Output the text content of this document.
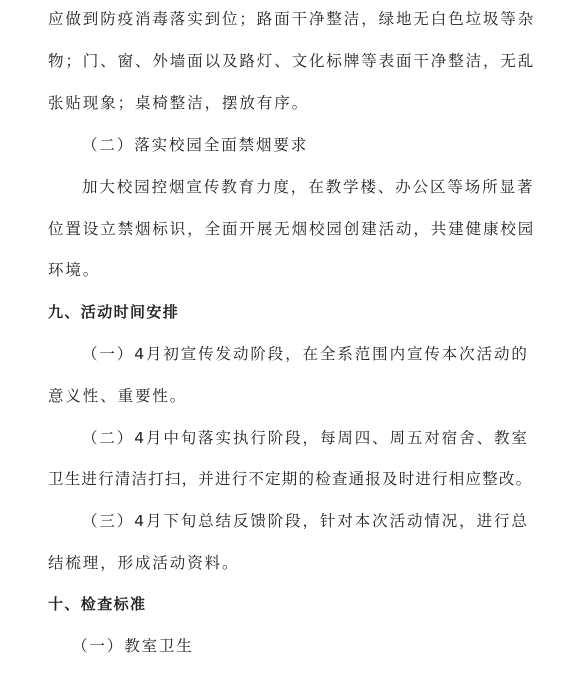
应做到防疫消毒落实到位；路面干净整洁，绿地无白色垃圾等杂
物；门、窗、外墙面以及路灯、文化标牌等表面干净整洁，无乱
张贴现象；桌椅整洁，摆放有序。
（二）落实校园全面禁烟要求
加大校园控烟宣传教育力度，在教学楼、办公区等场所显著
位置设立禁烟标识，全面开展无烟校园创建活动，共建健康校园
环境。
九、活动时间安排
（一）4月初宣传发动阶段，在全系范围内宣传本次活动的
意义性、重要性。
（二）4月中旬落实执行阶段，每周四、周五对宿舍、教室
卫生进行清洁打扫，并进行不定期的检查通报及时进行相应整改。
（三）4月下旬总结反馈阶段，针对本次活动情况，进行总
结梳理，形成活动资料。
十、检查标准
（一）教室卫生
